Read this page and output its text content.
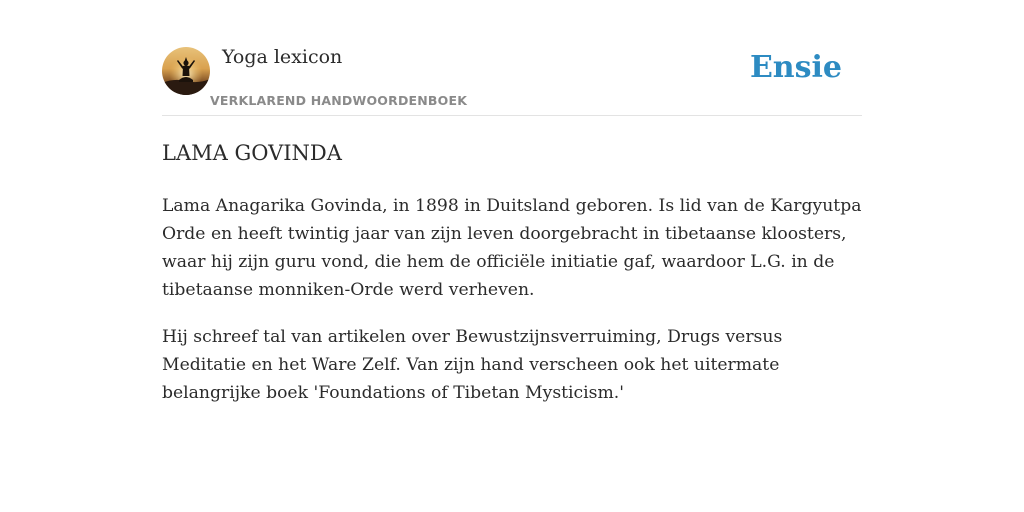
Yoga lexicon
VERKLAREND HANDWOORDENBOEK
Ensie
LAMA GOVINDA

Lama Anagarika Govinda, in 1898 in Duitsland geboren. Is lid van de Kargyutpa Orde en heeft twintig jaar van zijn leven doorgebracht in tibetaanse kloosters, waar hij zijn guru vond, die hem de officiële initiatie gaf, waardoor L.G. in de tibetaanse monniken-Orde werd verheven.

Hij schreef tal van artikelen over Bewustzijnsverruiming, Drugs versus Meditatie en het Ware Zelf. Van zijn hand verscheen ook het uitermate belangrijke boek 'Foundations of Tibetan Mysticism.'
